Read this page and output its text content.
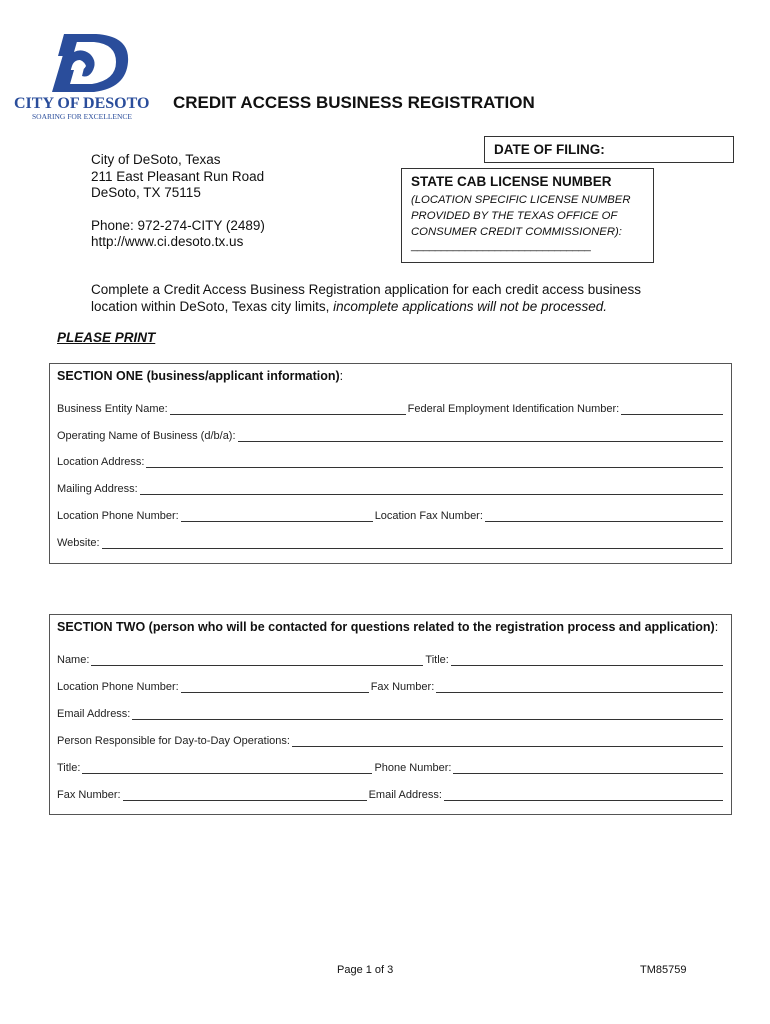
CITY OF DESOTO
SOARING FOR EXCELLENCE
CREDIT ACCESS BUSINESS REGISTRATION
City of DeSoto, Texas
211 East Pleasant Run Road
DeSoto, TX 75115
Phone: 972-274-CITY (2489)
http://www.ci.desoto.tx.us
DATE OF FILING:
STATE CAB LICENSE NUMBER
(LOCATION SPECIFIC LICENSE NUMBER PROVIDED BY THE TEXAS OFFICE OF CONSUMER CREDIT COMMISSIONER):
______________________________
Complete a Credit Access Business Registration application for each credit access business location within DeSoto, Texas city limits, incomplete applications will not be processed.
PLEASE PRINT
SECTION ONE (business/applicant information):
Business Entity Name:	Federal Employment Identification Number:
Operating Name of Business (d/b/a):
Location Address:
Mailing Address:
Location Phone Number:	Location Fax Number:
Website:
SECTION TWO (person who will be contacted for questions related to the registration process and application):
Name:	Title:
Location Phone Number:	Fax Number:
Email Address:
Person Responsible for Day-to-Day Operations:
Title:	Phone Number:
Fax Number:	Email Address:
Page 1 of 3	TM85759
